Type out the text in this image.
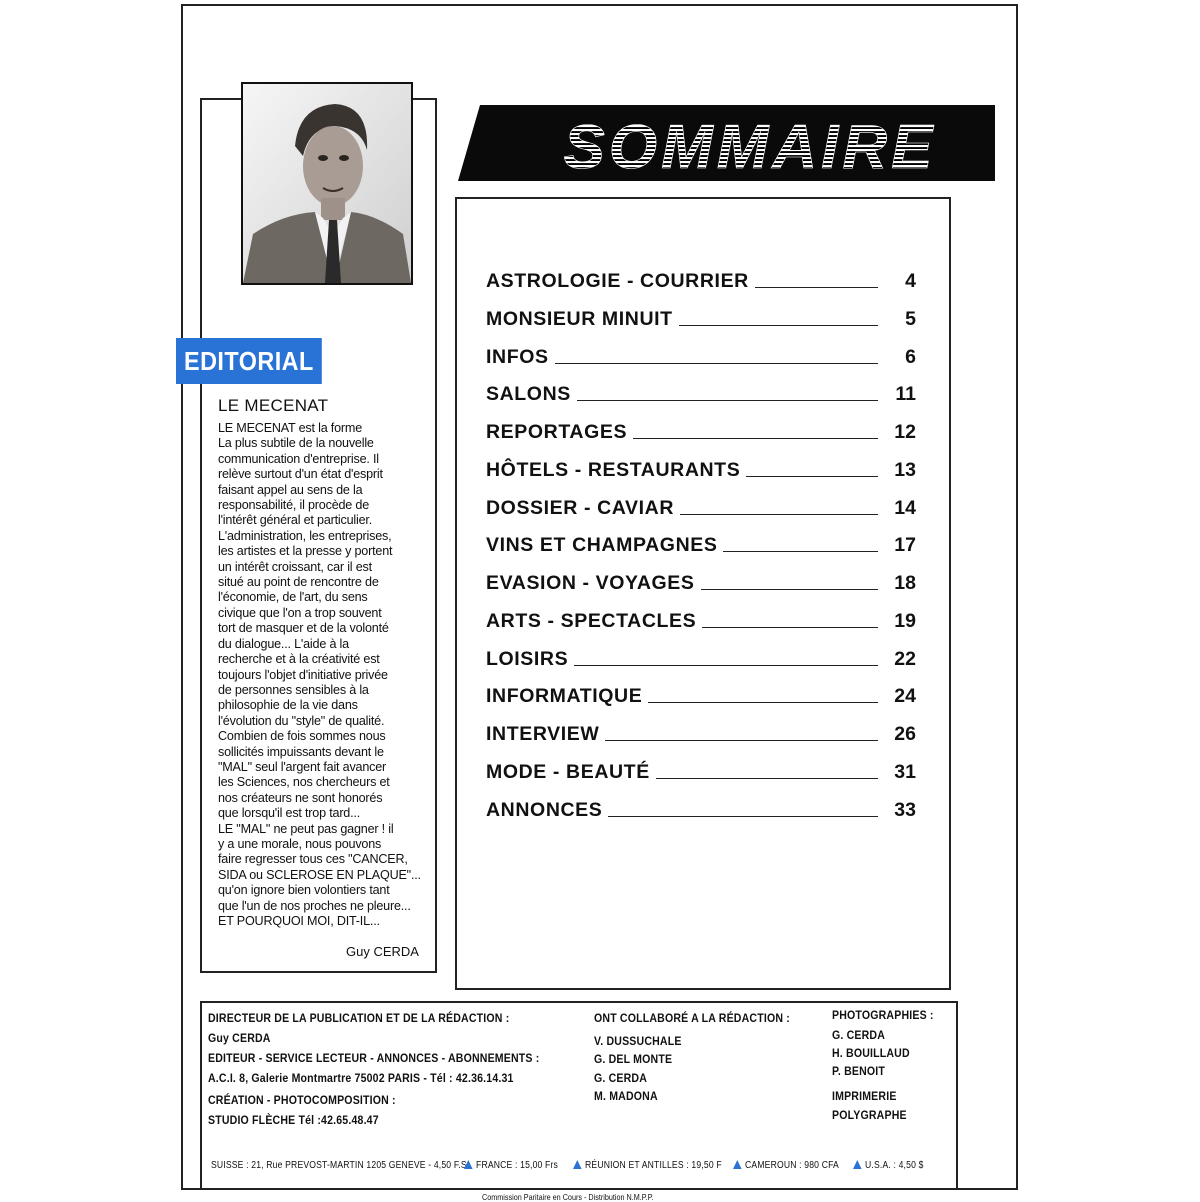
EDITORIAL
LE MECENAT
LE MECENAT est la forme
La plus subtile de la nouvelle
communication d'entreprise. Il
relève surtout d'un état d'esprit
faisant appel au sens de la
responsabilité, il procède de
l'intérêt général et particulier.
L'administration, les entreprises,
les artistes et la presse y portent
un intérêt croissant, car il est
situé au point de rencontre de
l'économie, de l'art, du sens
civique que l'on a trop souvent
tort de masquer et de la volonté
du dialogue... L'aide à la
recherche et à la créativité est
toujours l'objet d'initiative privée
de personnes sensibles à la
philosophie de la vie dans
l'évolution du "style" de qualité.
Combien de fois sommes nous
sollicités impuissants devant le
"MAL" seul l'argent fait avancer
les Sciences, nos chercheurs et
nos créateurs ne sont honorés
que lorsqu'il est trop tard...
LE "MAL" ne peut pas gagner ! il
y a une morale, nous pouvons
faire regresser tous ces "CANCER,
SIDA ou SCLEROSE EN PLAQUE"...
qu'on ignore bien volontiers tant
que l'un de nos proches ne pleure...
ET POURQUOI MOI, DIT-IL...
Guy CERDA
SOMMAIRE
ASTROLOGIE - COURRIER	4
MONSIEUR MINUIT	5
INFOS	6
SALONS	11
REPORTAGES	12
HÔTELS - RESTAURANTS	13
DOSSIER - CAVIAR	14
VINS ET CHAMPAGNES	17
EVASION - VOYAGES	18
ARTS - SPECTACLES	19
LOISIRS	22
INFORMATIQUE	24
INTERVIEW	26
MODE - BEAUTÉ	31
ANNONCES	33
DIRECTEUR DE LA PUBLICATION ET DE LA RÉDACTION :
Guy CERDA
EDITEUR - SERVICE LECTEUR - ANNONCES - ABONNEMENTS :
A.C.I. 8, Galerie Montmartre 75002 PARIS - Tél : 42.36.14.31
CRÉATION - PHOTOCOMPOSITION :
STUDIO FLÈCHE Tél :42.65.48.47
ONT COLLABORÉ A LA RÉDACTION :
V. DUSSUCHALE
G. DEL MONTE
G. CERDA
M. MADONA
PHOTOGRAPHIES :
G. CERDA
H. BOUILLAUD
P. BENOIT
IMPRIMERIE
POLYGRAPHE
SUISSE : 21, Rue PREVOST-MARTIN 1205 GENEVE - 4,50 F.S. FRANCE : 15,00 Frs	RÉUNION ET ANTILLES : 19,50 F	CAMEROUN : 980 CFA	U.S.A. : 4,50 $
Commission Paritaire en Cours - Distribution N.M.P.P.
